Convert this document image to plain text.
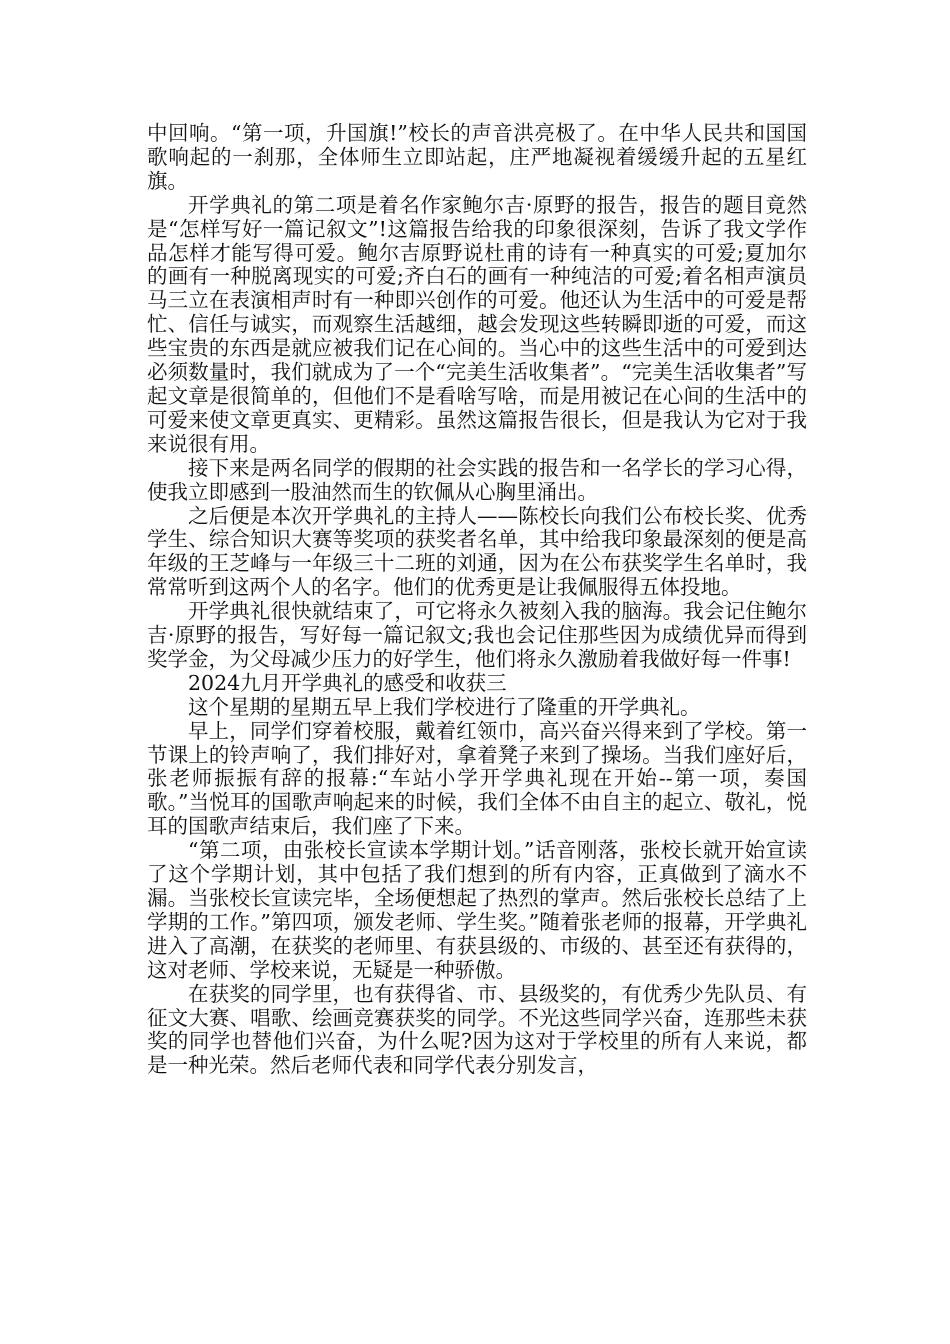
中回响。“第一项，升国旗!”校长的声音洪亮极了。在中华人民共和国国歌响起的一刹那，全体师生立即站起，庄严地凝视着缓缓升起的五星红旗。

开学典礼的第二项是着名作家鲍尔吉·原野的报告，报告的题目竟然是“怎样写好一篇记叙文”!这篇报告给我的印象很深刻，告诉了我文学作品怎样才能写得可爱。鲍尔吉原野说杜甫的诗有一种真实的可爱;夏加尔的画有一种脱离现实的可爱;齐白石的画有一种纯洁的可爱;着名相声演员马三立在表演相声时有一种即兴创作的可爱。他还认为生活中的可爱是帮忙、信任与诚实，而观察生活越细，越会发现这些转瞬即逝的可爱，而这些宝贵的东西是就应被我们记在心间的。当心中的这些生活中的可爱到达必须数量时，我们就成为了一个“完美生活收集者”。“完美生活收集者”写起文章是很简单的，但他们不是看啥写啥，而是用被记在心间的生活中的可爱来使文章更真实、更精彩。虽然这篇报告很长，但是我认为它对于我来说很有用。

接下来是两名同学的假期的社会实践的报告和一名学长的学习心得，使我立即感到一股油然而生的钦佩从心胸里涌出。

之后便是本次开学典礼的主持人——陈校长向我们公布校长奖、优秀学生、综合知识大赛等奖项的获奖者名单，其中给我印象最深刻的便是高年级的王芝峰与一年级三十二班的刘通，因为在公布获奖学生名单时，我常常听到这两个人的名字。他们的优秀更是让我佩服得五体投地。

开学典礼很快就结束了，可它将永久被刻入我的脑海。我会记住鲍尔吉·原野的报告，写好每一篇记叙文;我也会记住那些因为成绩优异而得到奖学金，为父母减少压力的好学生，他们将永久激励着我做好每一件事!

2024九月开学典礼的感受和收获三

这个星期的星期五早上我们学校进行了隆重的开学典礼。

早上，同学们穿着校服，戴着红领巾，高兴奋兴得来到了学校。第一节课上的铃声响了，我们排好对，拿着凳子来到了操场。当我们座好后，张老师振振有辞的报幕:“车站小学开学典礼现在开始--第一项，奏国歌。”当悦耳的国歌声响起来的时候，我们全体不由自主的起立、敬礼，悦耳的国歌声结束后，我们座了下来。

“第二项，由张校长宣读本学期计划。”话音刚落，张校长就开始宣读了这个学期计划，其中包括了我们想到的所有内容，正真做到了滴水不漏。当张校长宣读完毕，全场便想起了热烈的掌声。然后张校长总结了上学期的工作。”第四项，颁发老师、学生奖。”随着张老师的报幕，开学典礼进入了高潮，在获奖的老师里、有获县级的、市级的、甚至还有获得的，这对老师、学校来说，无疑是一种骄傲。

在获奖的同学里，也有获得省、市、县级奖的，有优秀少先队员、有征文大赛、唱歌、绘画竞赛获奖的同学。不光这些同学兴奋，连那些未获奖的同学也替他们兴奋，为什么呢?因为这对于学校里的所有人来说，都是一种光荣。然后老师代表和同学代表分别发言，
